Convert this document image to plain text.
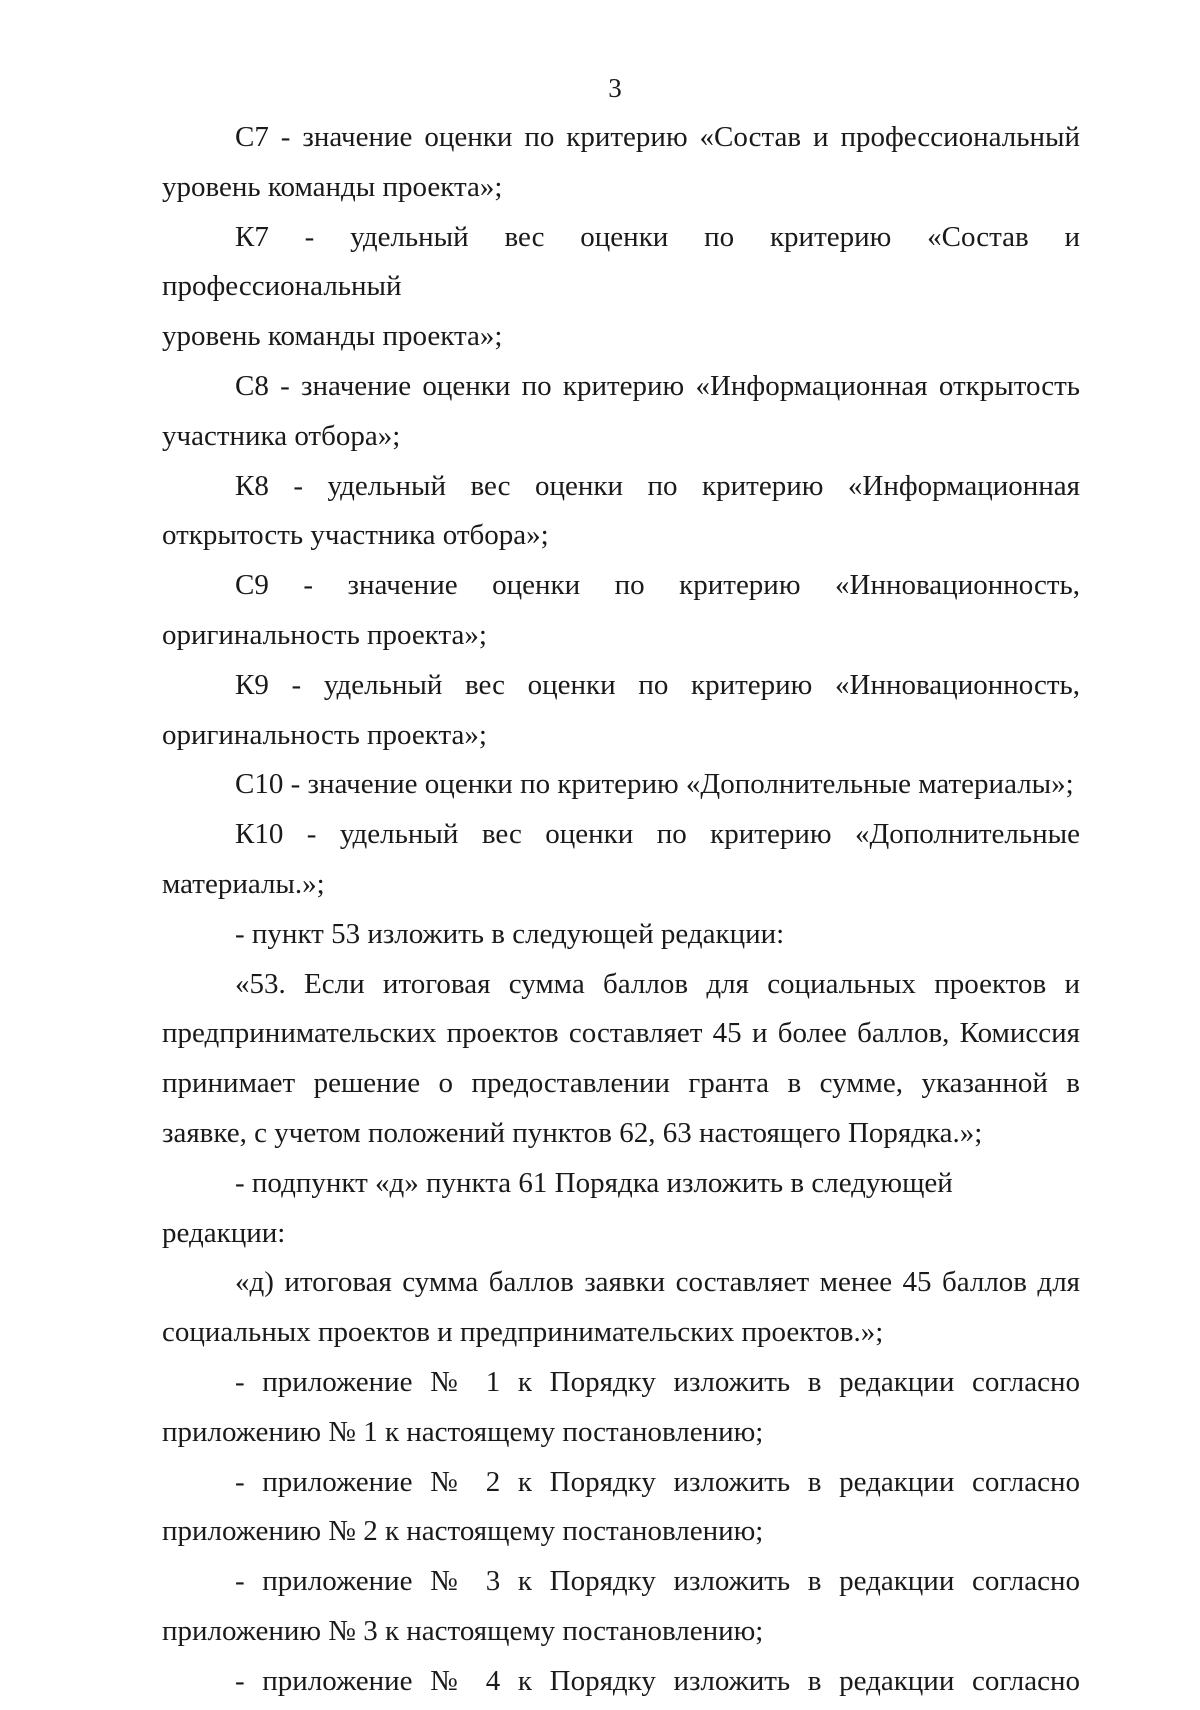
3

С7 - значение оценки по критерию «Состав и профессиональный
уровень команды проекта»;

К7 - удельный вес оценки по критерию «Состав и профессиональный
уровень команды проекта»;

С8 - значение оценки по критерию «Информационная открытость
участника отбора»;

К8 - удельный вес оценки по критерию «Информационная
открытость участника отбора»;

С9 - значение оценки по критерию «Инновационность,
оригинальность проекта»;

К9 - удельный вес оценки по критерию «Инновационность,
оригинальность проекта»;

С10 - значение оценки по критерию «Дополнительные материалы»;

К10 - удельный вес оценки по критерию «Дополнительные
материалы.»;

- пункт 53 изложить в следующей редакции:

«53. Если итоговая сумма баллов для социальных проектов и предпринимательских проектов составляет 45 и более баллов, Комиссия принимает решение о предоставлении гранта в сумме, указанной в заявке, с учетом положений пунктов 62, 63 настоящего Порядка.»;

- подпункт «д» пункта 61 Порядка изложить в следующей редакции:

«д) итоговая сумма баллов заявки составляет менее 45 баллов для
социальных проектов и предпринимательских проектов.»;

- приложение № 1 к Порядку изложить в редакции согласно
приложению № 1 к настоящему постановлению;

- приложение № 2 к Порядку изложить в редакции согласно
приложению № 2 к настоящему постановлению;

- приложение № 3 к Порядку изложить в редакции согласно
приложению № 3 к настоящему постановлению;

- приложение № 4 к Порядку изложить в редакции согласно
